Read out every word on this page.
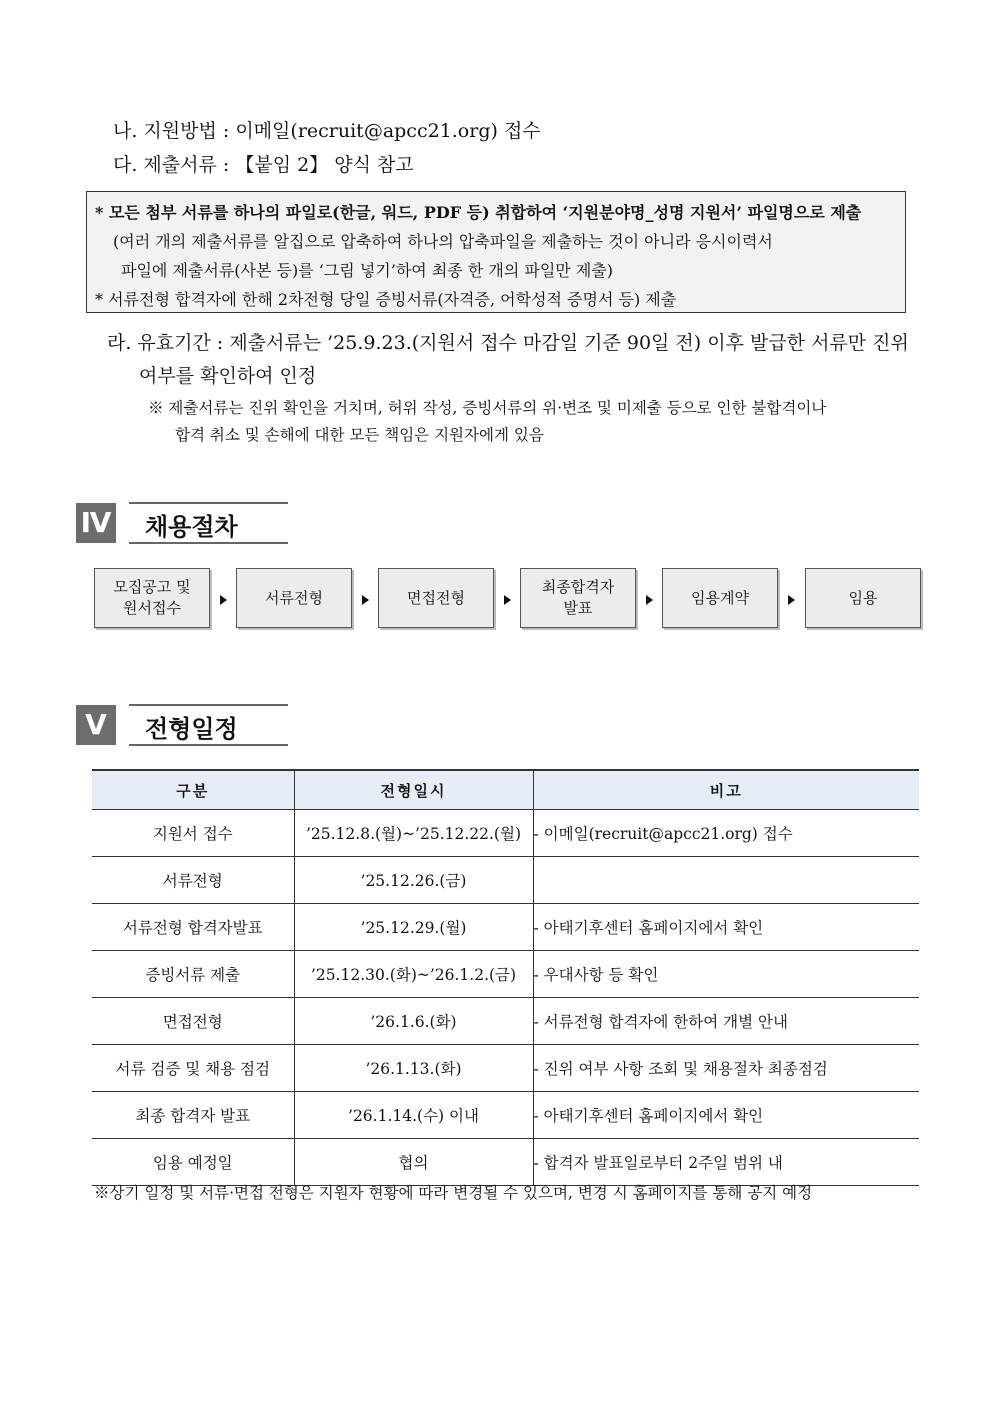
나. 지원방법 : 이메일(recruit@apcc21.org) 접수
다. 제출서류 : 【붙임 2】 양식 참고
* 모든 첨부 서류를 하나의 파일로(한글, 워드, PDF 등) 취합하여 ‘지원분야명_성명 지원서’ 파일명으로 제출
(여러 개의 제출서류를 알집으로 압축하여 하나의 압축파일을 제출하는 것이 아니라 응시이력서
파일에 제출서류(사본 등)를 ‘그림 넣기’하여 최종 한 개의 파일만 제출)
* 서류전형 합격자에 한해 2차전형 당일 증빙서류(자격증, 어학성적 증명서 등) 제출
라. 유효기간 : 제출서류는 ’25.9.23.(지원서 접수 마감일 기준 90일 전) 이후 발급한 서류만 진위
여부를 확인하여 인정
※ 제출서류는 진위 확인을 거치며, 허위 작성, 증빙서류의 위·변조 및 미제출 등으로 인한 불합격이나
합격 취소 및 손해에 대한 모든 책임은 지원자에게 있음
Ⅳ 채용절차
모집공고 및
원서접수
서류전형	면접전형
최종합격자
발표
임용계약	임용
Ⅴ	전형일정
구분	전형일시	비고
지원서 접수	’25.12.8.(월)~’25.12.22.(월)	- 이메일(recruit@apcc21.org) 접수
서류전형	’25.12.26.(금)	
서류전형 합격자발표	’25.12.29.(월)	- 아태기후센터 홈페이지에서 확인
증빙서류 제출	’25.12.30.(화)~’26.1.2.(금)	- 우대사항 등 확인
면접전형	’26.1.6.(화)	- 서류전형 합격자에 한하여 개별 안내
서류 검증 및 채용 점검	’26.1.13.(화)	- 진위 여부 사항 조회 및 채용절차 최종점검
최종 합격자 발표	’26.1.14.(수) 이내	- 아태기후센터 홈페이지에서 확인
임용 예정일	협의	- 합격자 발표일로부터 2주일 범위 내
※상기 일정 및 서류·면접 전형은 지원자 현황에 따라 변경될 수 있으며, 변경 시 홈페이지를 통해 공지 예정
